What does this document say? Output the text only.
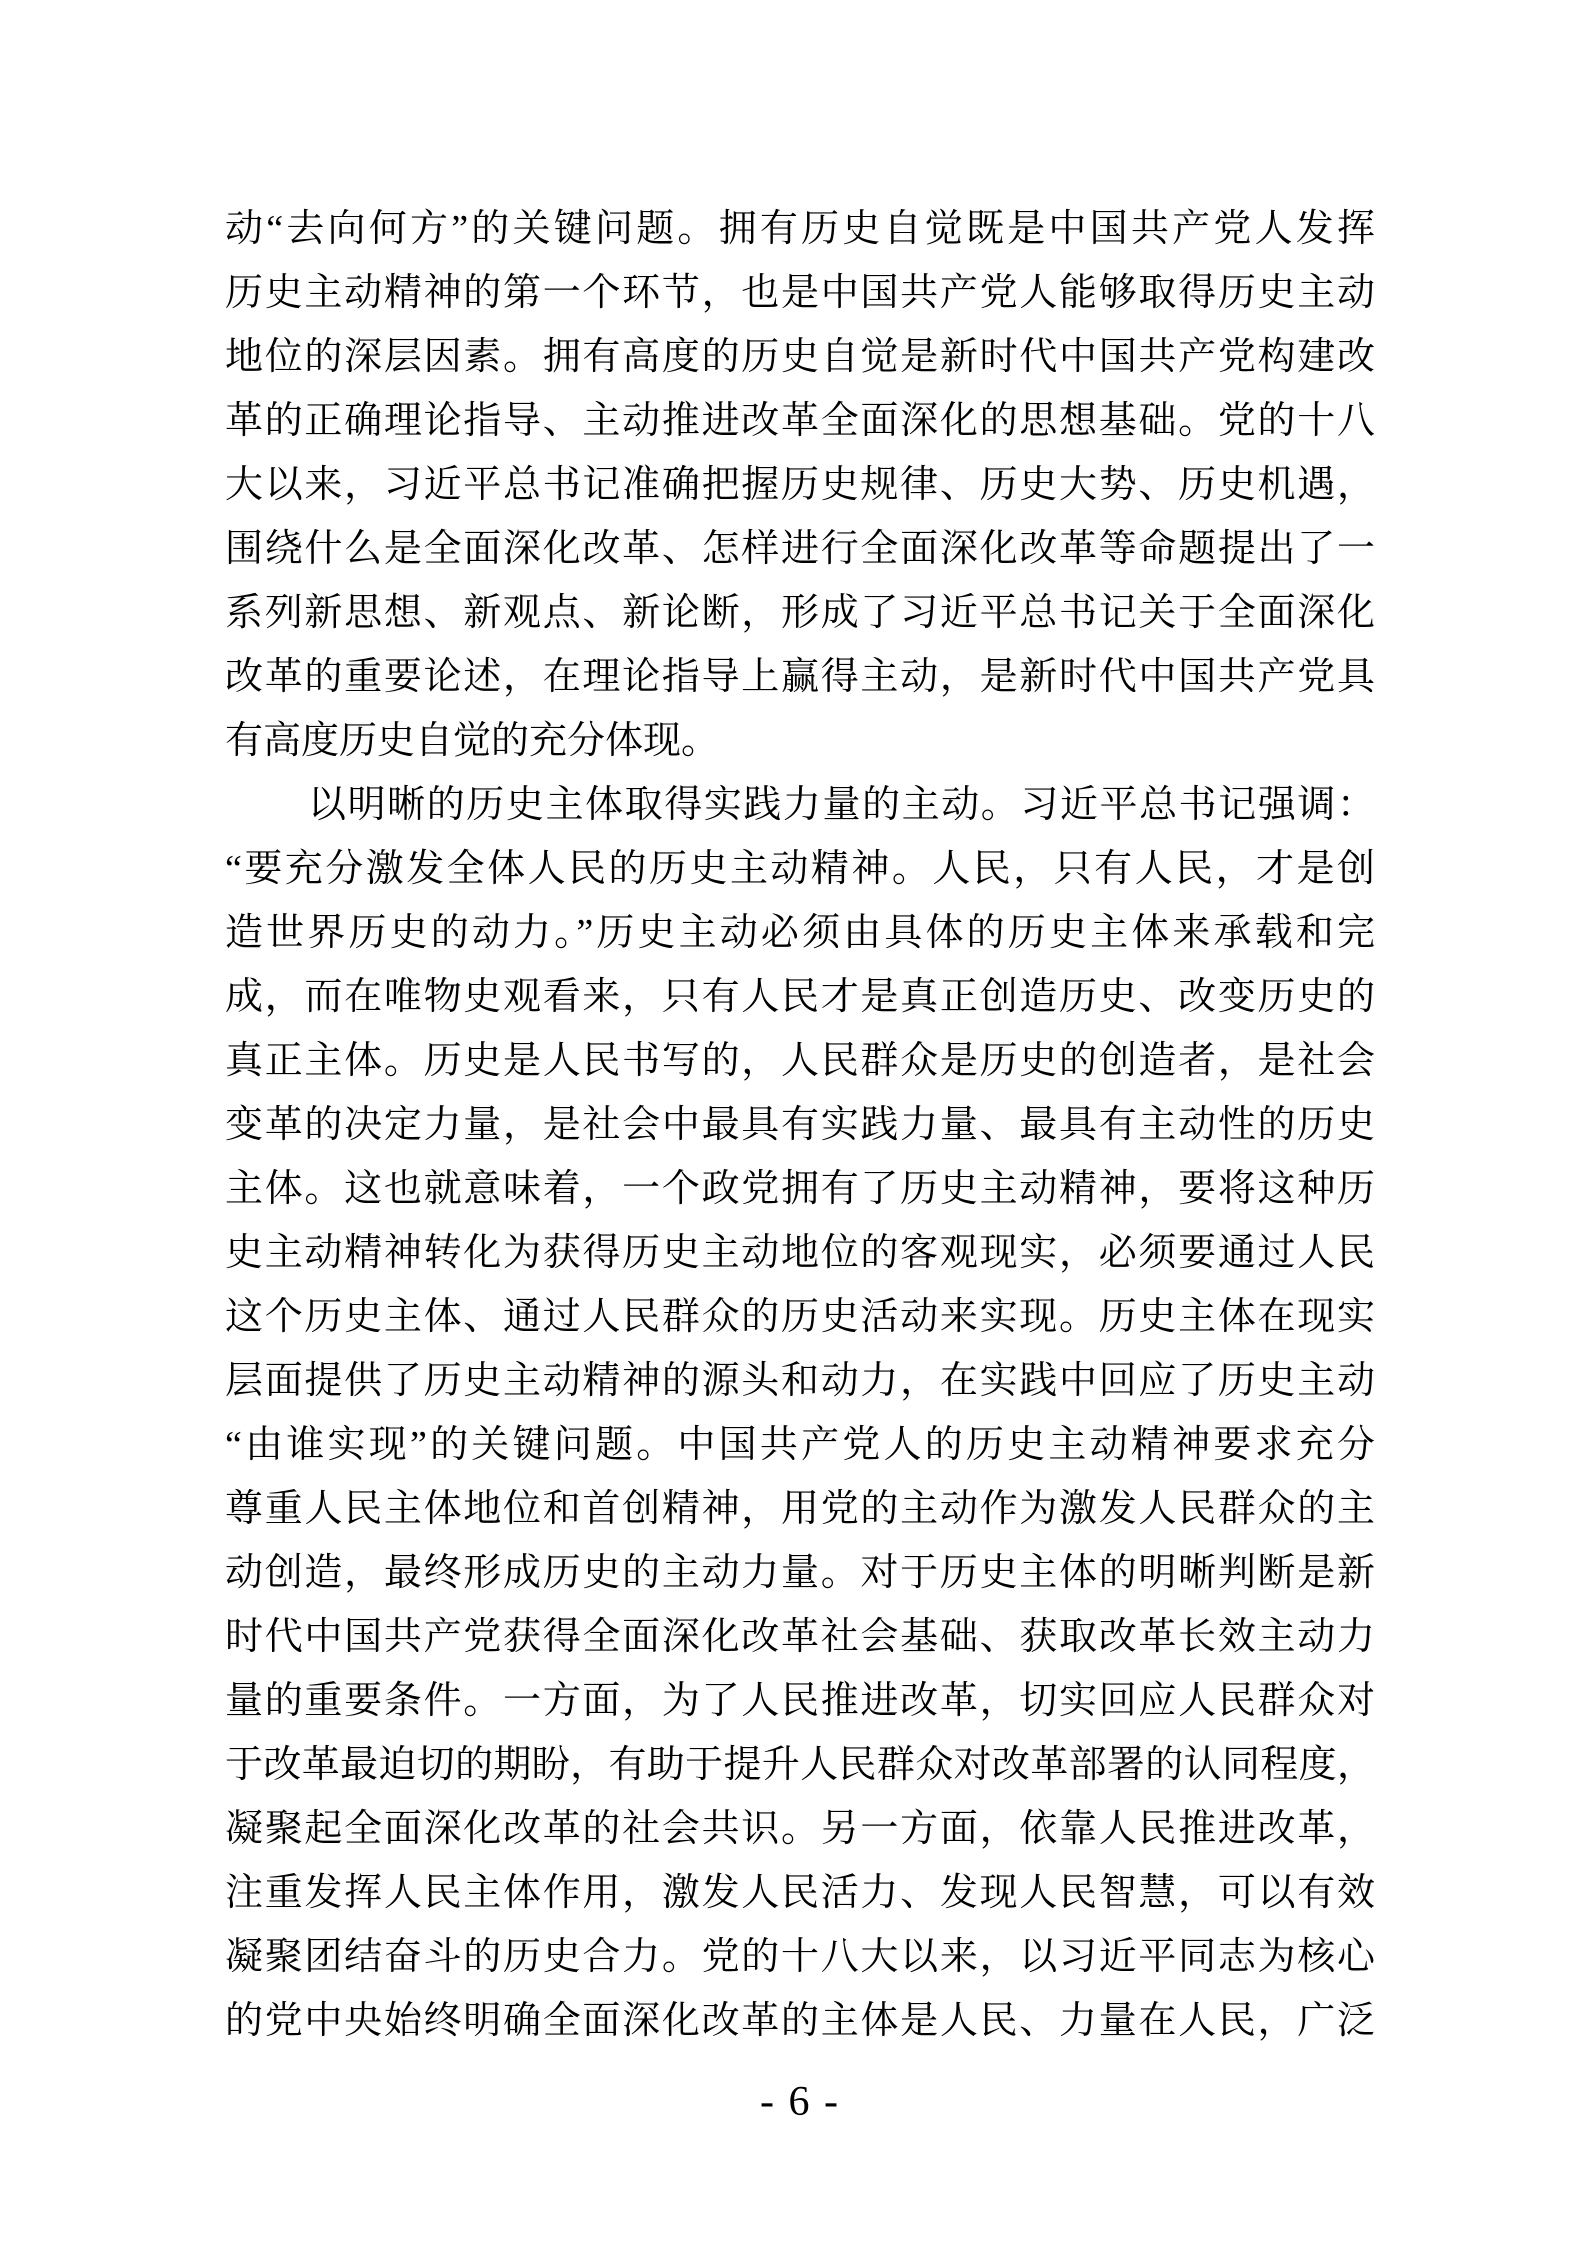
动“去向何方”的关键问题。拥有历史自觉既是中国共产党人发挥
历史主动精神的第一个环节，也是中国共产党人能够取得历史主动
地位的深层因素。拥有高度的历史自觉是新时代中国共产党构建改
革的正确理论指导、主动推进改革全面深化的思想基础。党的十八
大以来，习近平总书记准确把握历史规律、历史大势、历史机遇，
围绕什么是全面深化改革、怎样进行全面深化改革等命题提出了一
系列新思想、新观点、新论断，形成了习近平总书记关于全面深化
改革的重要论述，在理论指导上赢得主动，是新时代中国共产党具
有高度历史自觉的充分体现。
以明晰的历史主体取得实践力量的主动。习近平总书记强调：
“要充分激发全体人民的历史主动精神。人民，只有人民，才是创
造世界历史的动力。”历史主动必须由具体的历史主体来承载和完
成，而在唯物史观看来，只有人民才是真正创造历史、改变历史的
真正主体。历史是人民书写的，人民群众是历史的创造者，是社会
变革的决定力量，是社会中最具有实践力量、最具有主动性的历史
主体。这也就意味着，一个政党拥有了历史主动精神，要将这种历
史主动精神转化为获得历史主动地位的客观现实，必须要通过人民
这个历史主体、通过人民群众的历史活动来实现。历史主体在现实
层面提供了历史主动精神的源头和动力，在实践中回应了历史主动
“由谁实现”的关键问题。中国共产党人的历史主动精神要求充分
尊重人民主体地位和首创精神，用党的主动作为激发人民群众的主
动创造，最终形成历史的主动力量。对于历史主体的明晰判断是新
时代中国共产党获得全面深化改革社会基础、获取改革长效主动力
量的重要条件。一方面，为了人民推进改革，切实回应人民群众对
于改革最迫切的期盼，有助于提升人民群众对改革部署的认同程度，
凝聚起全面深化改革的社会共识。另一方面，依靠人民推进改革，
注重发挥人民主体作用，激发人民活力、发现人民智慧，可以有效
凝聚团结奋斗的历史合力。党的十八大以来，以习近平同志为核心
的党中央始终明确全面深化改革的主体是人民、力量在人民，广泛
- 6 -
